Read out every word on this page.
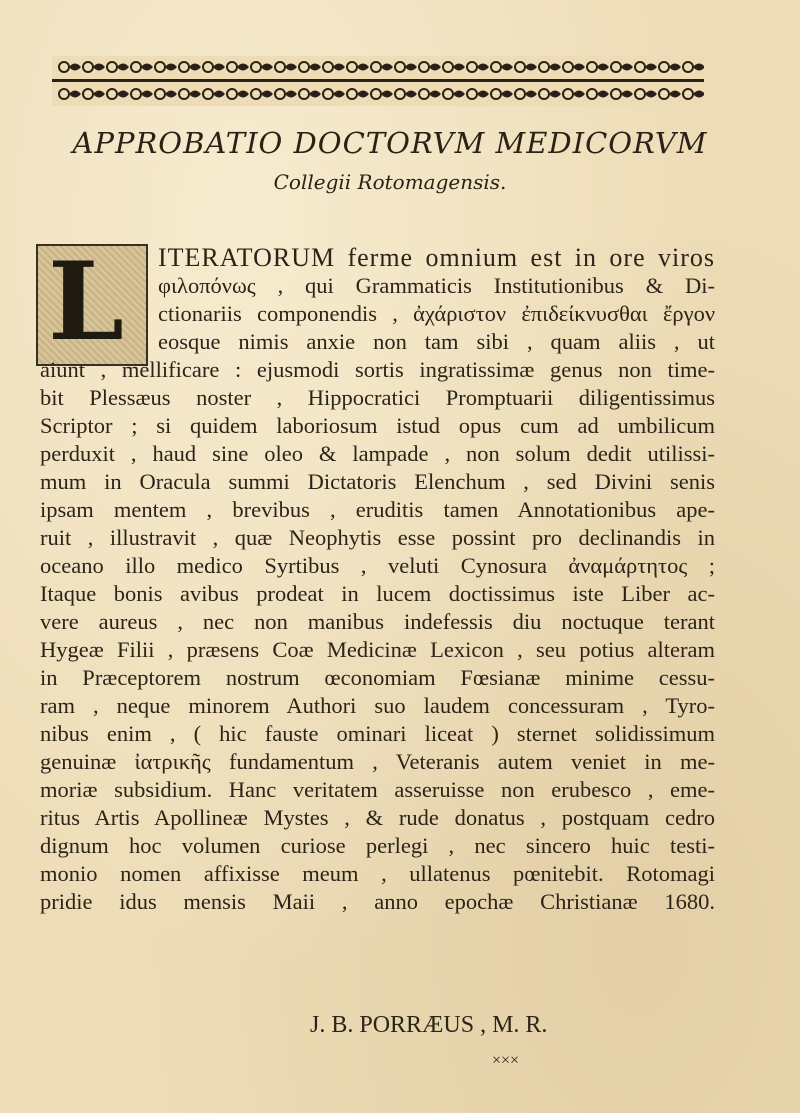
APPROBATIO DOCTORVM MEDICORVM
Collegii Rotomagensis.
L ITERATORUM ferme omnium est in ore viros
φιλοπόνως , qui Grammaticis Institutionibus & Di-
ctionariis componendis , ἀχάριστον ἐπιδείκνυσθαι ἔργον
eosque nimis anxie non tam sibi , quam aliis , ut
aiunt , mellificare : ejusmodi sortis ingratissimæ genus non time-
bit Plessæus noster , Hippocratici Promptuarii diligentissimus
Scriptor ; si quidem laboriosum istud opus cum ad umbilicum
perduxit , haud sine oleo & lampade , non solum dedit utilissi-
mum in Oracula summi Dictatoris Elenchum , sed Divini senis
ipsam mentem , brevibus , eruditis tamen Annotationibus ape-
ruit , illustravit , quæ Neophytis esse possint pro declinandis in
oceano illo medico Syrtibus , veluti Cynosura ἀναμάρτητος ;
Itaque bonis avibus prodeat in lucem doctissimus iste Liber ac-
vere aureus , nec non manibus indefessis diu noctuque terant
Hygeæ Filii , præsens Coæ Medicinæ Lexicon , seu potius alteram
in Præceptorem nostrum œconomiam Fœsianæ minime cessu-
ram , neque minorem Authori suo laudem concessuram , Tyro-
nibus enim , ( hic fauste ominari liceat ) sternet solidissimum
genuinæ ἰατρικῆς fundamentum , Veteranis autem veniet in me-
moriæ subsidium. Hanc veritatem asseruisse non erubesco , eme-
ritus Artis Apollineæ Mystes , & rude donatus , postquam cedro
dignum hoc volumen curiose perlegi , nec sincero huic testi-
monio nomen affixisse meum , ullatenus pœnitebit. Rotomagi
pridie idus mensis Maii , anno epochæ Christianæ 1680.
J. B. PORRÆUS , M. R.
×××
